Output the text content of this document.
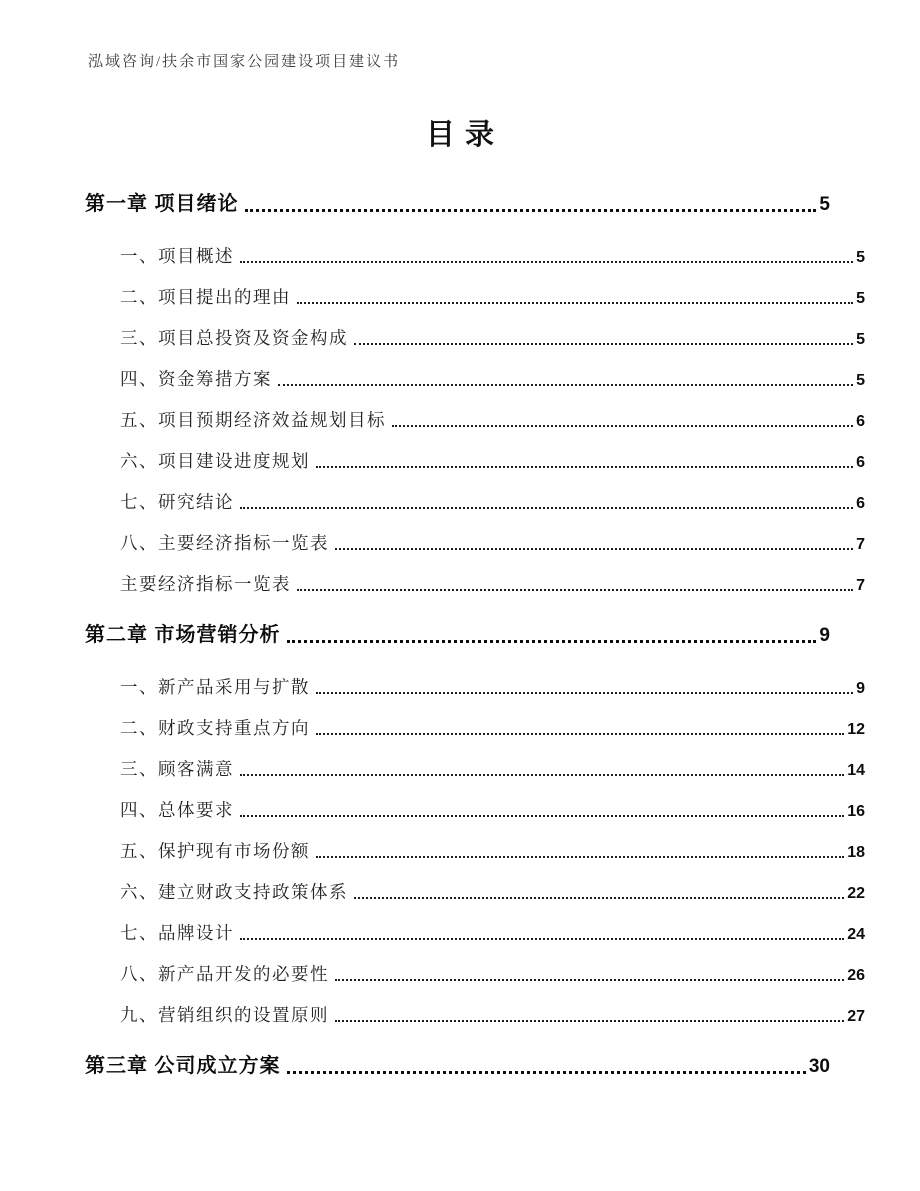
泓域咨询/扶余市国家公园建设项目建议书
目录
第一章 项目绪论	5
一、项目概述	5
二、项目提出的理由	5
三、项目总投资及资金构成	5
四、资金筹措方案	5
五、项目预期经济效益规划目标	6
六、项目建设进度规划	6
七、研究结论	6
八、主要经济指标一览表	7
主要经济指标一览表	7
第二章 市场营销分析	9
一、新产品采用与扩散	9
二、财政支持重点方向	12
三、顾客满意	14
四、总体要求	16
五、保护现有市场份额	18
六、建立财政支持政策体系	22
七、品牌设计	24
八、新产品开发的必要性	26
九、营销组织的设置原则	27
第三章 公司成立方案	30
